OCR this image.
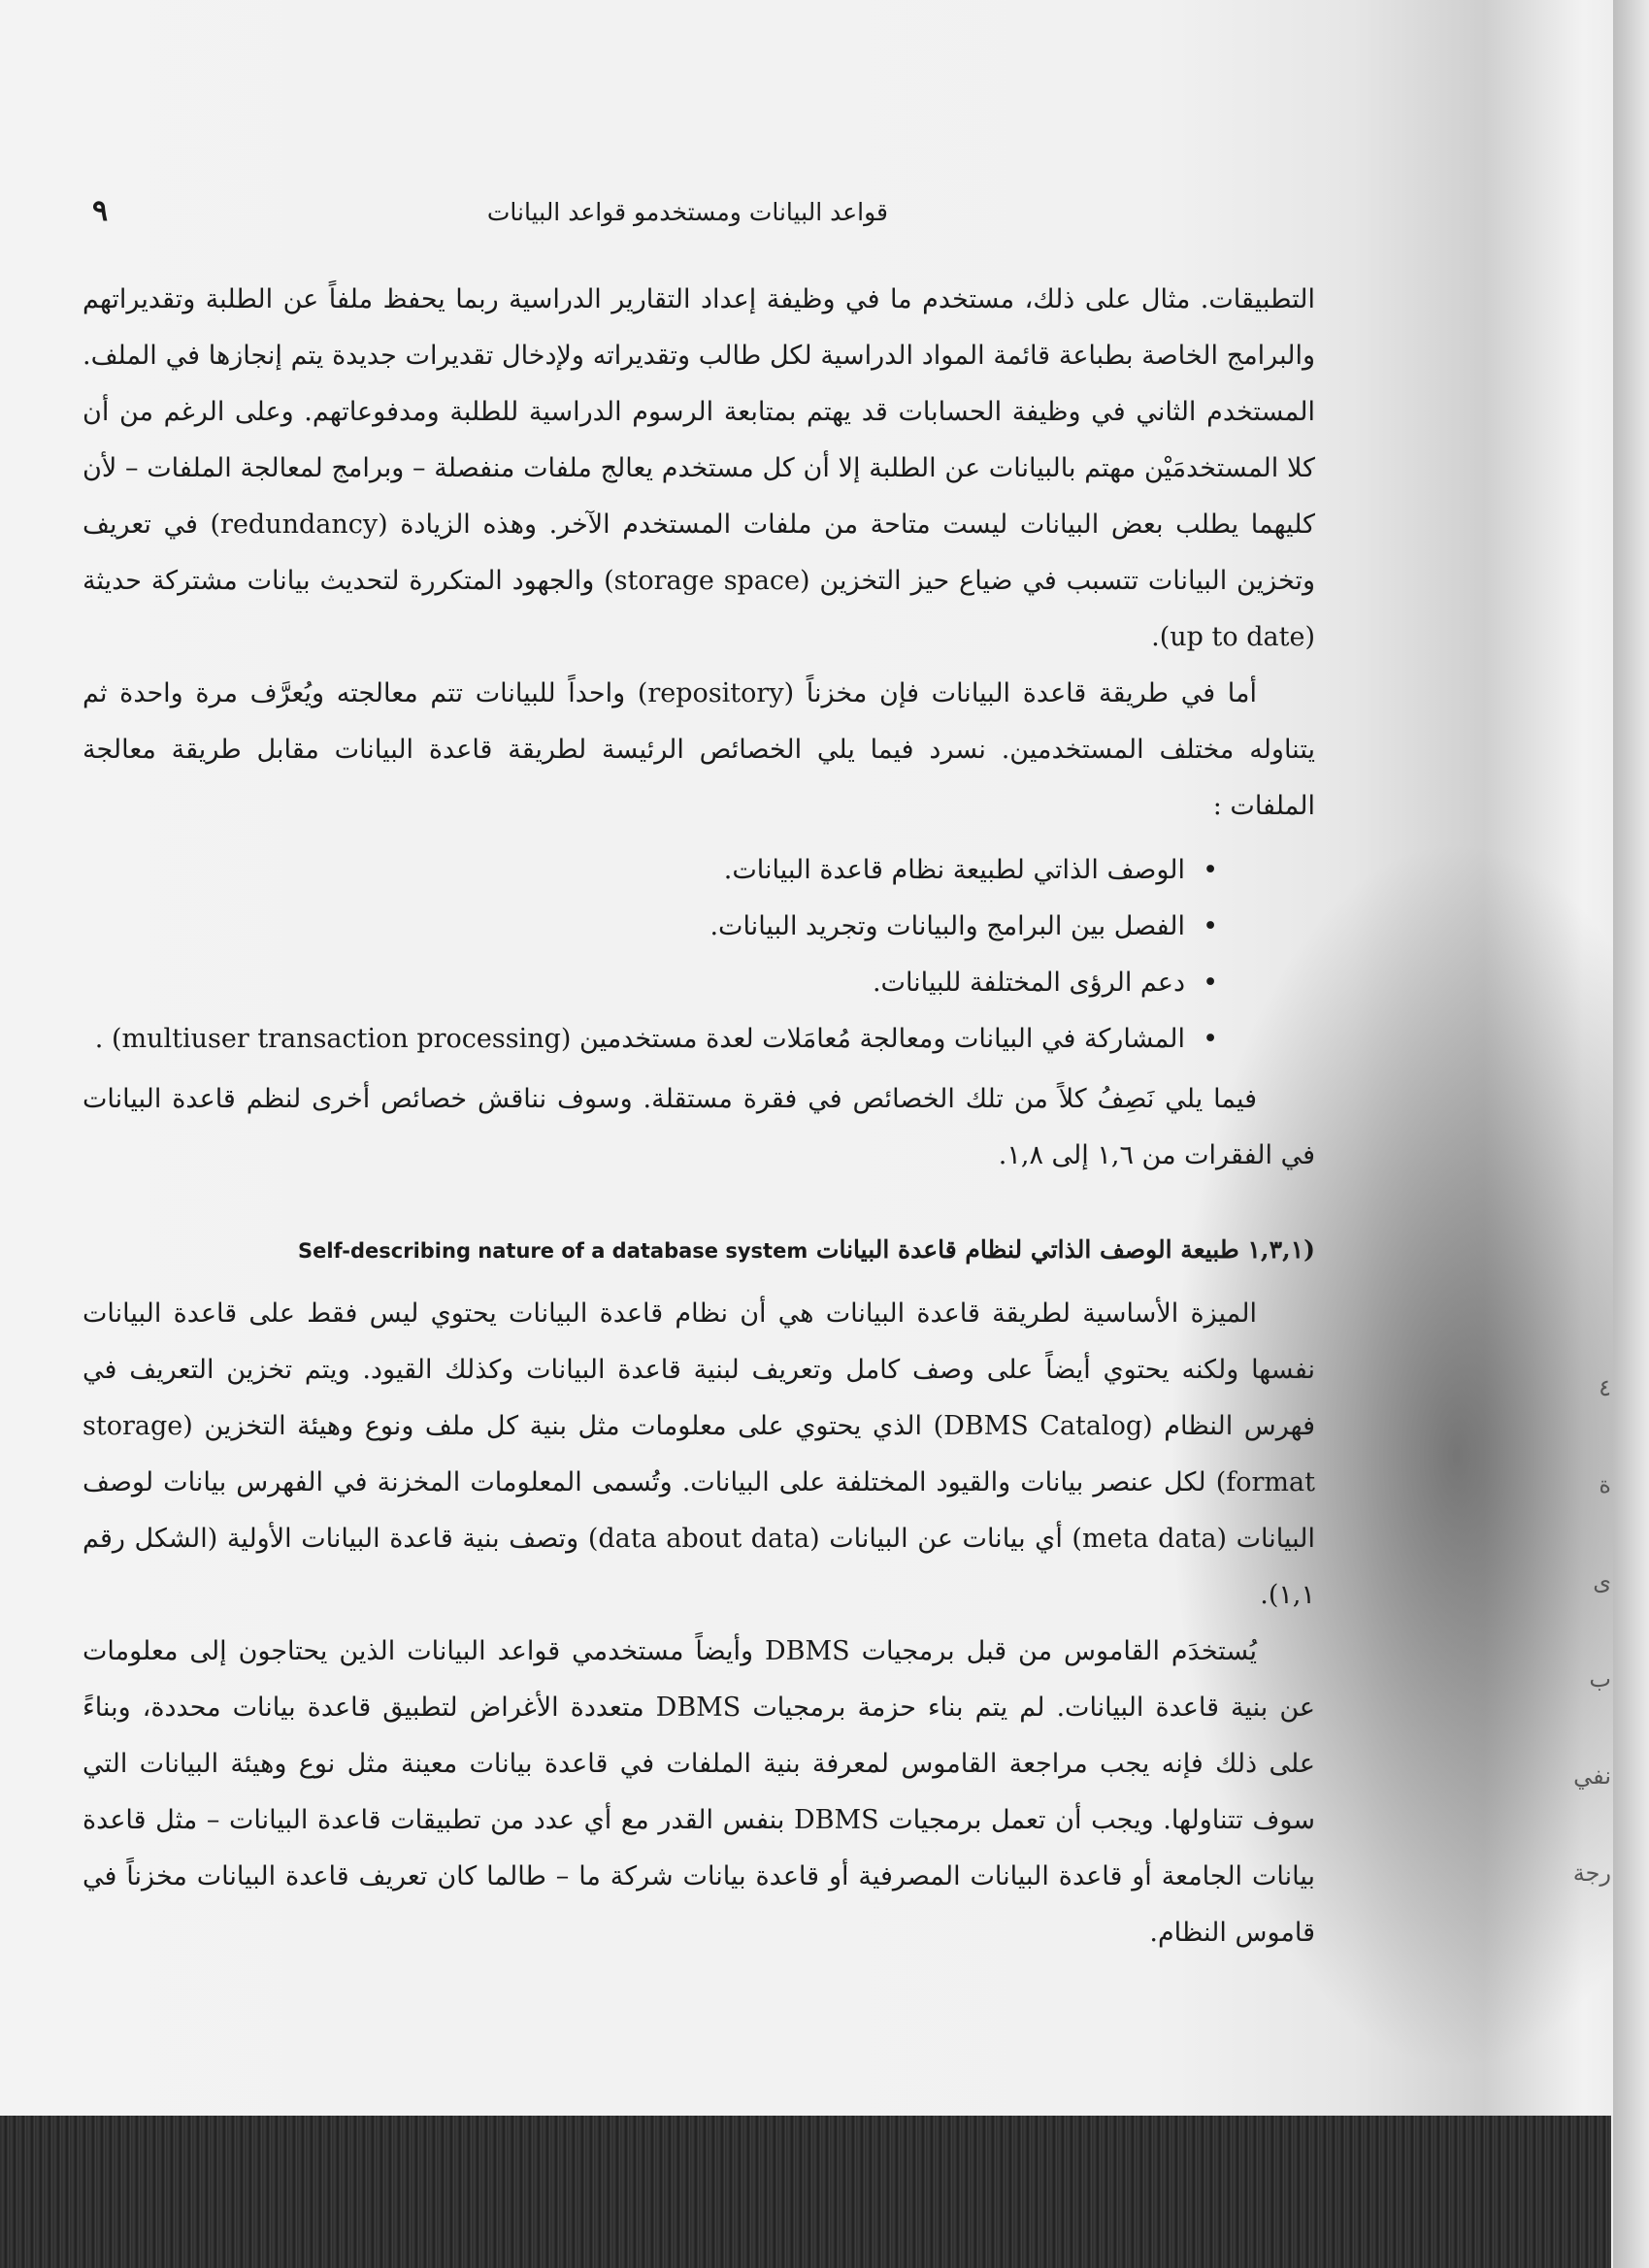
٩	قواعد البيانات ومستخدمو قواعد البيانات

التطبيقات. مثال على ذلك، مستخدم ما في وظيفة إعداد التقارير الدراسية ربما يحفظ ملفاً عن الطلبة وتقديراتهم والبرامج الخاصة بطباعة قائمة المواد الدراسية لكل طالب وتقديراته ولإدخال تقديرات جديدة يتم إنجازها في الملف. المستخدم الثاني في وظيفة الحسابات قد يهتم بمتابعة الرسوم الدراسية للطلبة ومدفوعاتهم. وعلى الرغم من أن كلا المستخدمَيْن مهتم بالبيانات عن الطلبة إلا أن كل مستخدم يعالج ملفات منفصلة – وبرامج لمعالجة الملفات – لأن كليهما يطلب بعض البيانات ليست متاحة من ملفات المستخدم الآخر. وهذه الزيادة (redundancy) في تعريف وتخزين البيانات تتسبب في ضياع حيز التخزين (storage space) والجهود المتكررة لتحديث بيانات مشتركة حديثة (up to date).

أما في طريقة قاعدة البيانات فإن مخزناً (repository) واحداً للبيانات تتم معالجته ويُعرَّف مرة واحدة ثم يتناوله مختلف المستخدمين. نسرد فيما يلي الخصائص الرئيسة لطريقة قاعدة البيانات مقابل طريقة معالجة الملفات :

• الوصف الذاتي لطبيعة نظام قاعدة البيانات.
• الفصل بين البرامج والبيانات وتجريد البيانات.
• دعم الرؤى المختلفة للبيانات.
• المشاركة في البيانات ومعالجة مُعامَلات لعدة مستخدمين (multiuser transaction processing) .

فيما يلي نَصِفُ كلاً من تلك الخصائص في فقرة مستقلة. وسوف نناقش خصائص أخرى لنظم قاعدة البيانات في الفقرات من ١,٦ إلى ١,٨.

(١,٣,١ طبيعة الوصف الذاتي لنظام قاعدة البيانات Self-describing nature of a database system

الميزة الأساسية لطريقة قاعدة البيانات هي أن نظام قاعدة البيانات يحتوي ليس فقط على قاعدة البيانات نفسها ولكنه يحتوي أيضاً على وصف كامل وتعريف لبنية قاعدة البيانات وكذلك القيود. ويتم تخزين التعريف في فهرس النظام (DBMS Catalog) الذي يحتوي على معلومات مثل بنية كل ملف ونوع وهيئة التخزين (storage format) لكل عنصر بيانات والقيود المختلفة على البيانات. وتُسمى المعلومات المخزنة في الفهرس بيانات لوصف البيانات (meta data) أي بيانات عن البيانات (data about data) وتصف بنية قاعدة البيانات الأولية (الشكل رقم ١,١).

يُستخدَم القاموس من قبل برمجيات DBMS وأيضاً مستخدمي قواعد البيانات الذين يحتاجون إلى معلومات عن بنية قاعدة البيانات. لم يتم بناء حزمة برمجيات DBMS متعددة الأغراض لتطبيق قاعدة بيانات محددة، وبناءً على ذلك فإنه يجب مراجعة القاموس لمعرفة بنية الملفات في قاعدة بيانات معينة مثل نوع وهيئة البيانات التي سوف تتناولها. ويجب أن تعمل برمجيات DBMS بنفس القدر مع أي عدد من تطبيقات قاعدة البيانات – مثل قاعدة بيانات الجامعة أو قاعدة البيانات المصرفية أو قاعدة بيانات شركة ما – طالما كان تعريف قاعدة البيانات مخزناً في قاموس النظام.

٤
ة
ى
ب
نفي
رجة
